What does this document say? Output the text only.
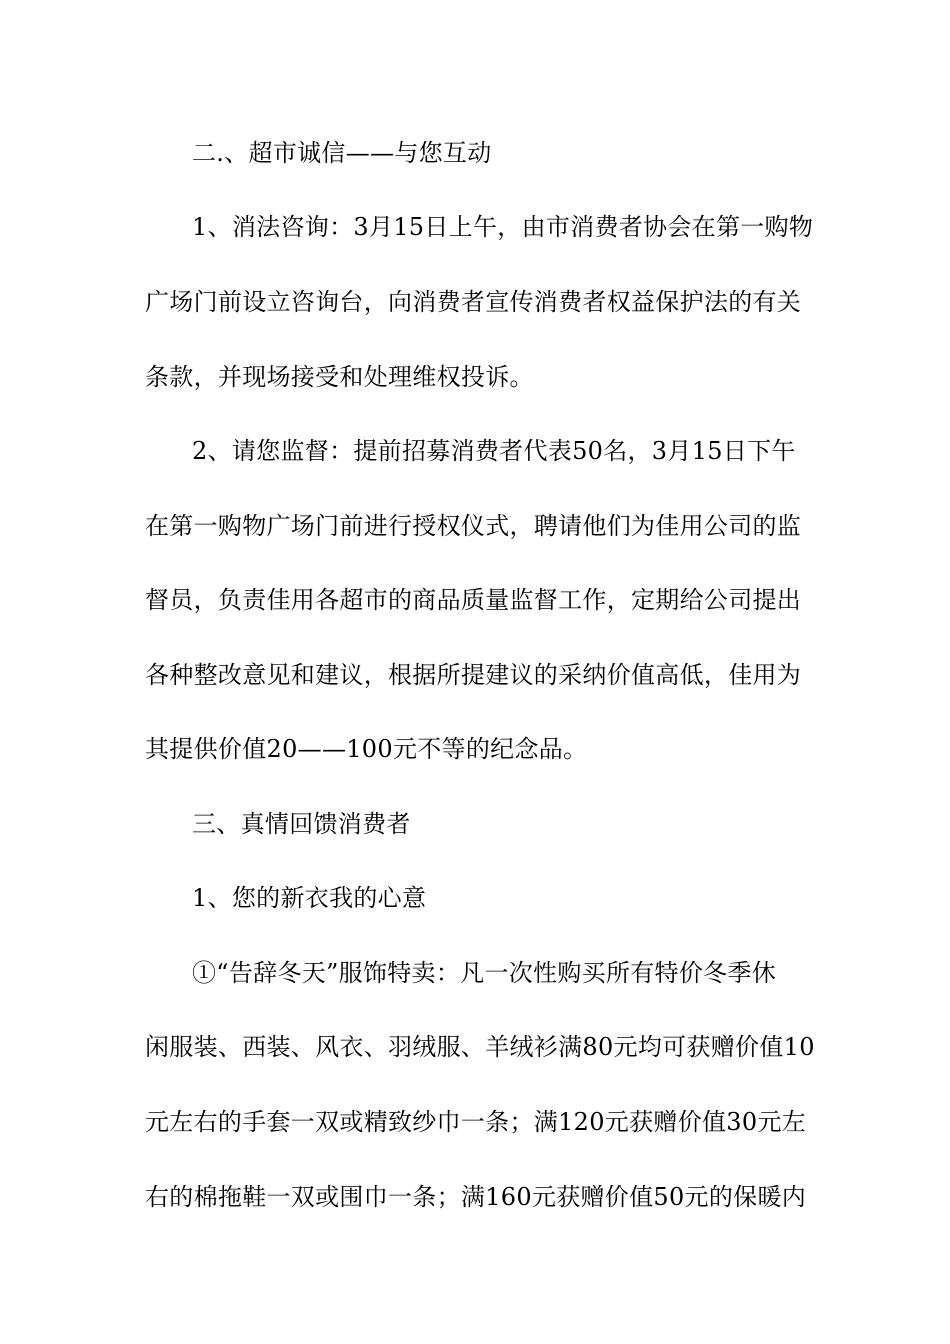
二.、超市诚信——与您互动
1、消法咨询：3月15日上午，由市消费者协会在第一购物
广场门前设立咨询台，向消费者宣传消费者权益保护法的有关
条款，并现场接受和处理维权投诉。
2、请您监督：提前招募消费者代表50名，3月15日下午
在第一购物广场门前进行授权仪式，聘请他们为佳用公司的监
督员，负责佳用各超市的商品质量监督工作，定期给公司提出
各种整改意见和建议，根据所提建议的采纳价值高低，佳用为
其提供价值20——100元不等的纪念品。
三、真情回馈消费者
1、您的新衣我的心意
①“告辞冬天”服饰特卖：凡一次性购买所有特价冬季休
闲服装、西装、风衣、羽绒服、羊绒衫满80元均可获赠价值10
元左右的手套一双或精致纱巾一条；满120元获赠价值30元左
右的棉拖鞋一双或围巾一条；满160元获赠价值50元的保暖内
